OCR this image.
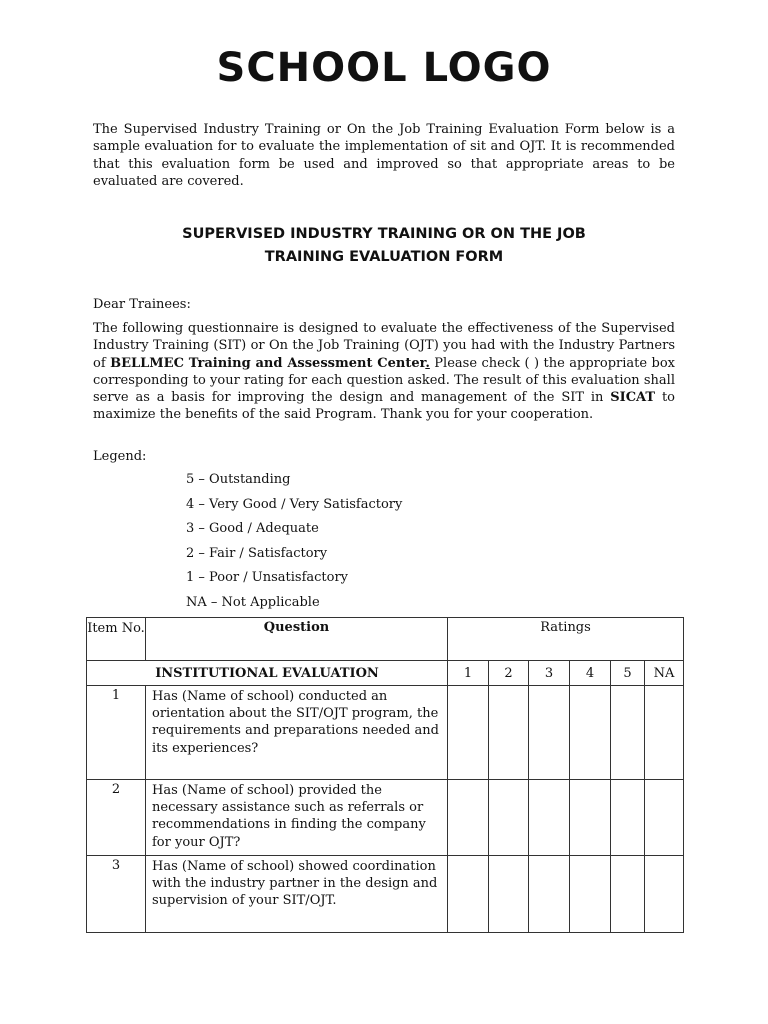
SCHOOL LOGO

The Supervised Industry Training or On the Job Training Evaluation Form below is a sample evaluation for to evaluate the implementation of sit and OJT. It is recommended that this evaluation form be used and improved so that appropriate areas to be evaluated are covered.

SUPERVISED INDUSTRY TRAINING OR ON THE JOB
TRAINING EVALUATION FORM

Dear Trainees:

The following questionnaire is designed to evaluate the effectiveness of the Supervised Industry Training (SIT) or On the Job Training (OJT) you had with the Industry Partners of BELLMEC Training and Assessment Center. Please check ( ) the appropriate box corresponding to your rating for each question asked. The result of this evaluation shall serve as a basis for improving the design and management of the SIT in SICAT to maximize the benefits of the said Program. Thank you for your cooperation.

Legend:

5 – Outstanding
4 – Very Good / Very Satisfactory
3 – Good / Adequate
2 – Fair / Satisfactory
1 – Poor / Unsatisfactory
NA – Not Applicable
Item No.	Question	Ratings					
INSTITUTIONAL EVALUATION		1	2	3	4	5	NA
1	Has (Name of school) conducted an orientation about the SIT/OJT program, the requirements and preparations needed and its experiences?						
2	Has (Name of school) provided the necessary assistance such as referrals or recommendations in finding the company for your OJT?						
3	Has (Name of school) showed coordination with the industry partner in the design and supervision of your SIT/OJT.						
